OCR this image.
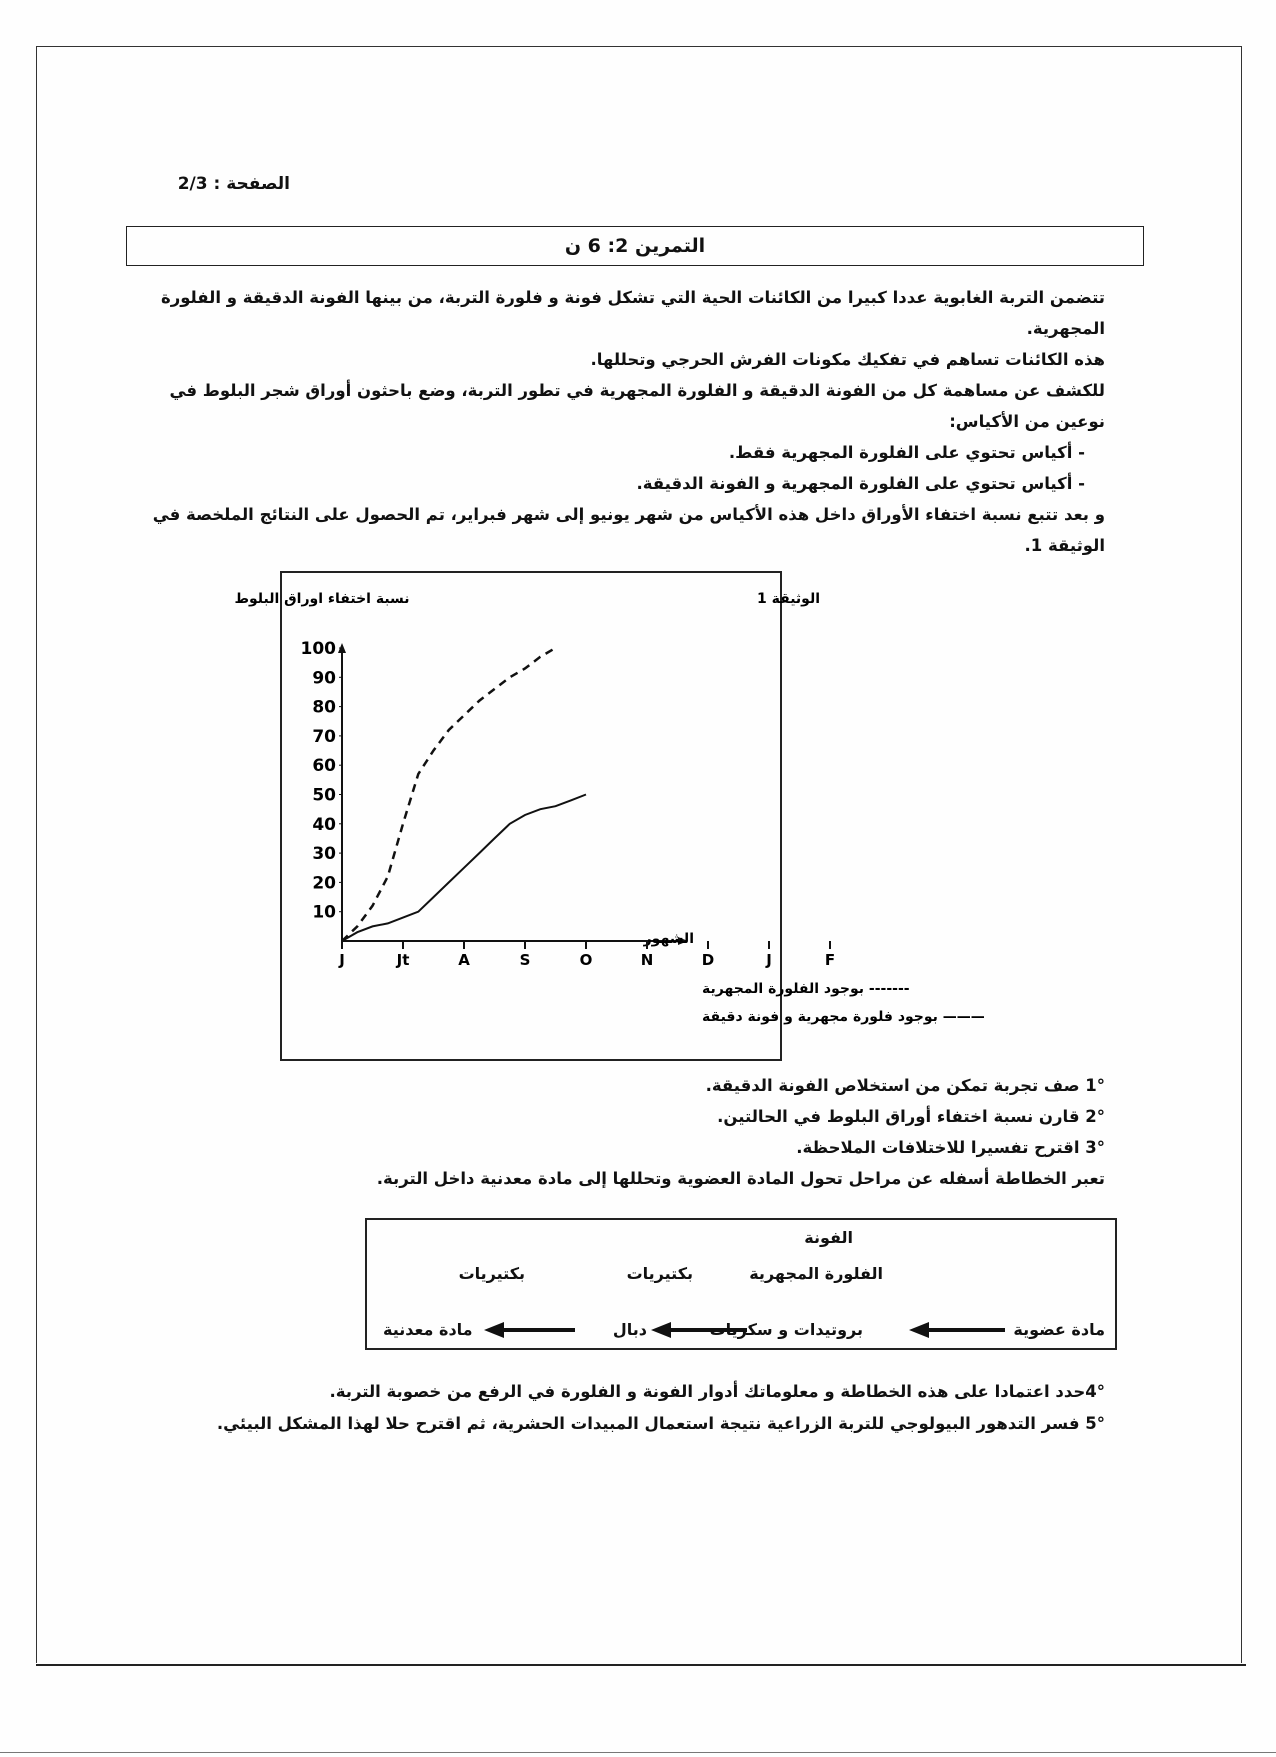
الصفحة : 2/3
التمرين 2: 6 ن

تتضمن التربة الغابوية عددا كبيرا من الكائنات الحية التي تشكل فونة و فلورة التربة، من بينها الفونة الدقيقة و الفلورة المجهرية.

هذه الكائنات تساهم في تفكيك مكونات الفرش الحرجي وتحللها.

للكشف عن مساهمة كل من الفونة الدقيقة و الفلورة المجهرية في تطور التربة، وضع باحثون أوراق شجر البلوط في نوعين من الأكياس:

- أكياس تحتوي على الفلورة المجهرية فقط.

- أكياس تحتوي على الفلورة المجهرية و الفونة الدقيقة.

و بعد تتبع نسبة اختفاء الأوراق داخل هذه الأكياس من شهر يونيو إلى شهر فبراير، تم الحصول على النتائج الملخصة في الوثيقة 1.

نسبة اختفاء اوراق البلوط	الوثيقة 1
الشهور
100
90
80
70
60
50
40
30
20
10
J	Jt	A	S	O	N	D	J	F
------- بوجود الفلورة المجهرية
——— بوجود فلورة مجهرية و فونة دقيقة

1° صف تجربة تمكن من استخلاص الفونة الدقيقة.

2° قارن نسبة اختفاء أوراق البلوط في الحالتين.

3° اقترح تفسيرا للاختلافات الملاحظة.

تعبر الخطاطة أسفله عن مراحل تحول المادة العضوية وتحللها إلى مادة معدنية داخل التربة.

الفونة
الفلورة المجهرية
بكتيريات
بكتيريات
مادة عضوية
بروتيدات و سكريات
دبال
مادة معدنية

4°حدد اعتمادا على هذه الخطاطة و معلوماتك أدوار الفونة و الفلورة في الرفع من خصوبة التربة.

5° فسر التدهور البيولوجي للتربة الزراعية نتيجة استعمال المبيدات الحشرية، ثم اقترح حلا لهذا المشكل البيئي.
